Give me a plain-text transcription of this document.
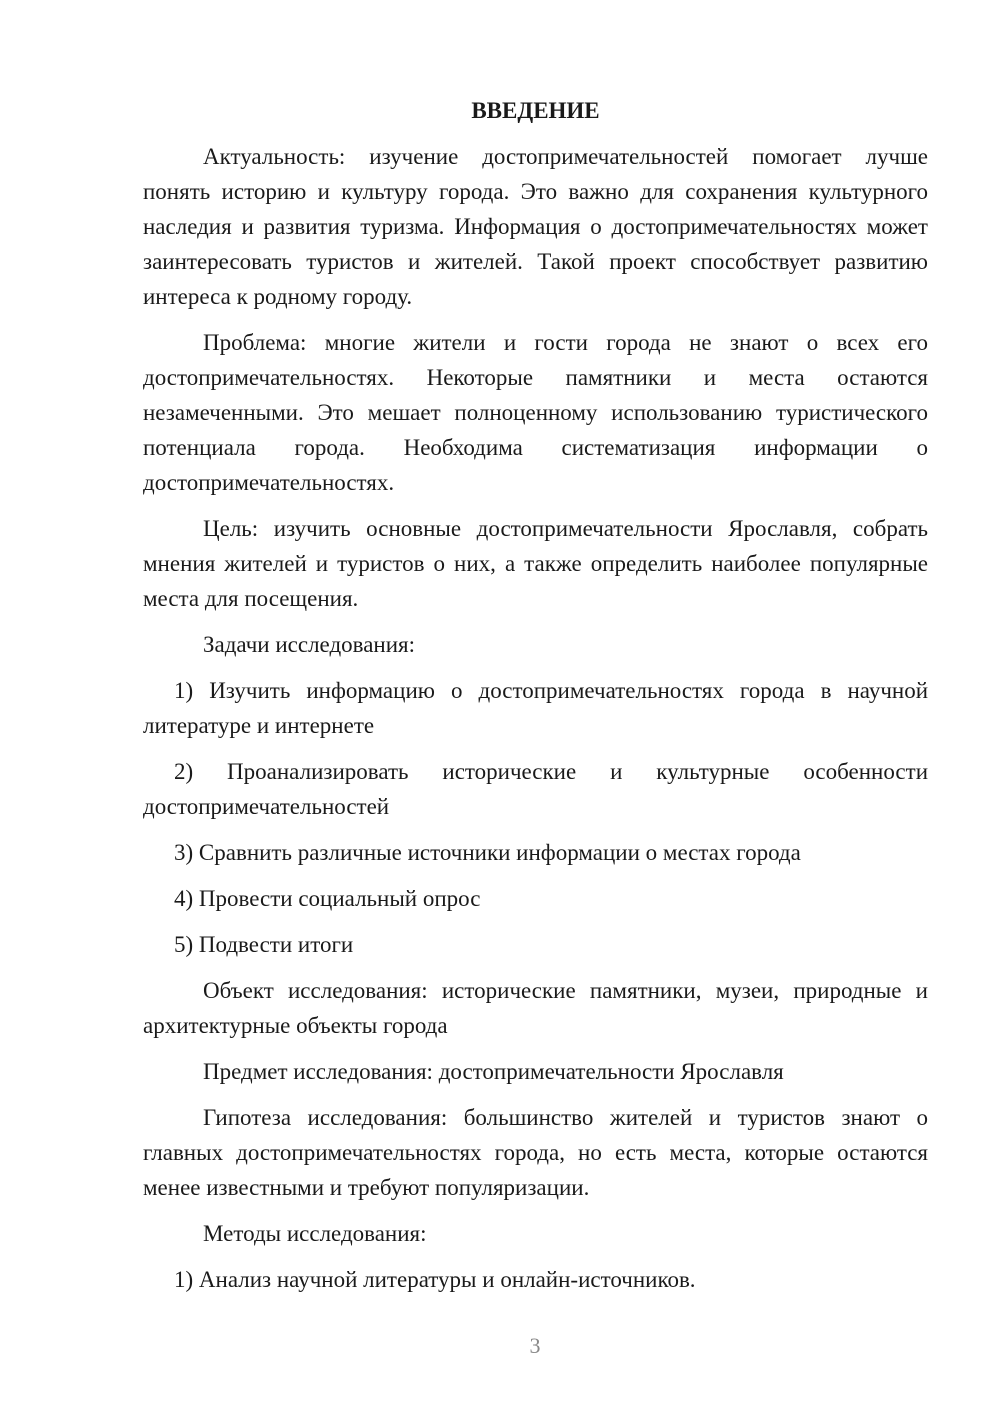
ВВЕДЕНИЕ

Актуальность: изучение достопримечательностей помогает лучше понять историю и культуру города. Это важно для сохранения культурного наследия и развития туризма. Информация о достопримечательностях может заинтересовать туристов и жителей. Такой проект способствует развитию интереса к родному городу.

Проблема: многие жители и гости города не знают о всех его достопримечательностях. Некоторые памятники и места остаются незамеченными. Это мешает полноценному использованию туристического потенциала города. Необходима систематизация информации о достопримечательностях.

Цель: изучить основные достопримечательности Ярославля, собрать мнения жителей и туристов о них, а также определить наиболее популярные места для посещения.

Задачи исследования:

1) Изучить информацию о достопримечательностях города в научной литературе и интернете

2) Проанализировать исторические и культурные особенности достопримечательностей

3) Сравнить различные источники информации о местах города

4) Провести социальный опрос

5) Подвести итоги

Объект исследования: исторические памятники, музеи, природные и архитектурные объекты города

Предмет исследования: достопримечательности Ярославля

Гипотеза исследования: большинство жителей и туристов знают о главных достопримечательностях города, но есть места, которые остаются менее известными и требуют популяризации.

Методы исследования:

1) Анализ научной литературы и онлайн-источников.

3
